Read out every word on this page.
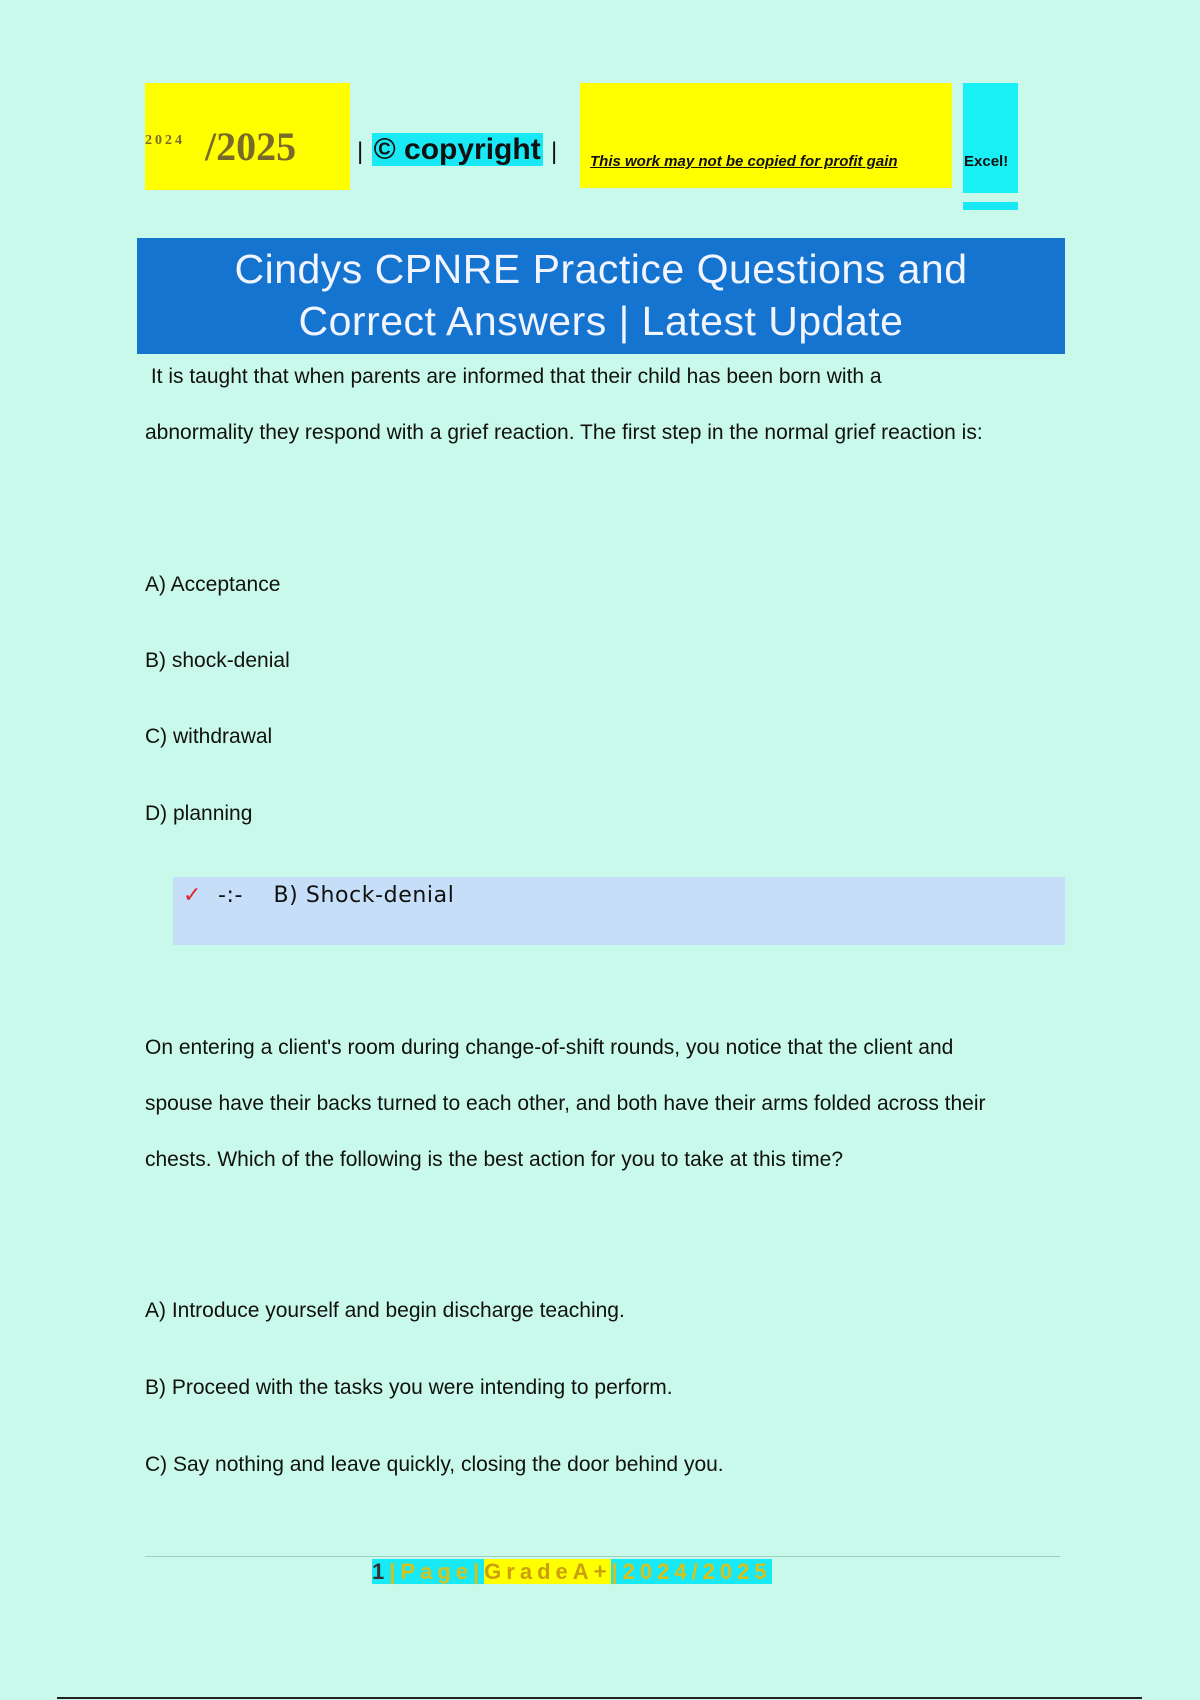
2024 /2025	| © copyright | This work may not be copied for profit gain	Excel!
Cindys CPNRE Practice Questions and
Correct Answers | Latest Update
It is taught that when parents are informed that their child has been born with a
abnormality they respond with a grief reaction. The first step in the normal grief reaction is:
A) Acceptance
B) shock-denial
C) withdrawal
D) planning
✓ -:-    B) Shock-denial
On entering a client's room during change-of-shift rounds, you notice that the client and
spouse have their backs turned to each other, and both have their arms folded across their
chests. Which of the following is the best action for you to take at this time?
A) Introduce yourself and begin discharge teaching.
B) Proceed with the tasks you were intending to perform.
C) Say nothing and leave quickly, closing the door behind you.
1|Page|GradeA+|2024/2025
